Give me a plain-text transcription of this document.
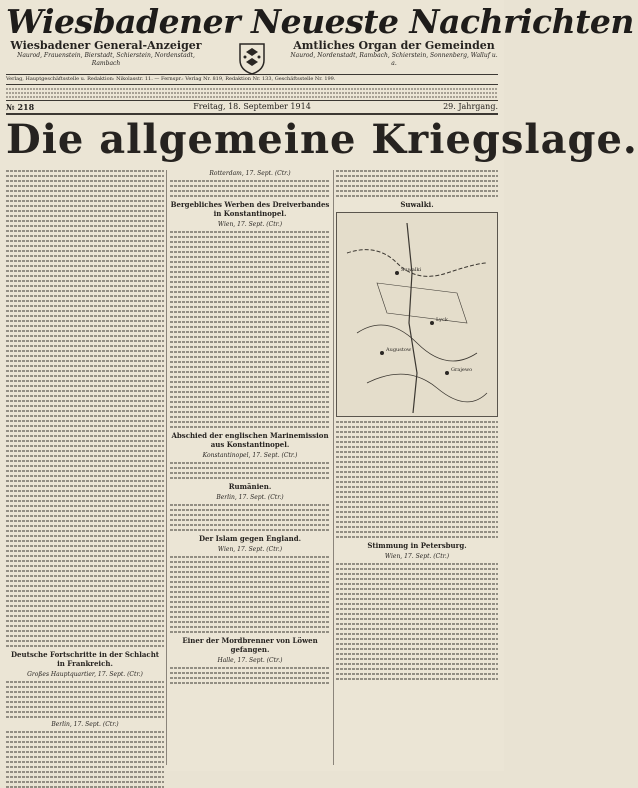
Wiesbadener Neueste Nachrichten
Wiesbadener General-Anzeiger
Naurod, Frauenstein, Bierstadt, Schierstein, Nordenstadt, Rambach
Amtliches Organ der Gemeinden
Naurod, Nordenstadt, Rambach, Schierstein, Sonnenberg, Walluf u. a.
Verlag, Hauptgeschäftsstelle u. Redaktion: Nikolasstr. 11. — Fernspr.: Verlag Nr. 819, Redaktion Nr. 133, Geschäftsstelle Nr. 199.
№ 218	Freitag, 18. September 1914	29. Jahrgang.
Die allgemeine Kriegslage.
Deutsche Fortschritte in der Schlacht in Frankreich.
Großes Hauptquartier, 17. Sept. (Ctr.)
Berlin, 17. Sept. (Ctr.)
Rotterdam, 17. Sept. (Ctr.)
Bergebliches Werben des Dreiverbandes in Konstantinopel.
Wien, 17. Sept. (Ctr.)
Abschied der englischen Marinemission aus Konstantinopel.
Konstantinopel, 17. Sept. (Ctr.)
Rumänien.
Berlin, 17. Sept. (Ctr.)
Der Islam gegen England.
Wien, 17. Sept. (Ctr.)
Einer der Mordbrenner von Löwen gefangen.
Halle, 17. Sept. (Ctr.)
Suwalki.
Suwalki
Lyck
Augustow
Grajewo
Stimmung in Petersburg.
Wien, 17. Sept. (Ctr.)
